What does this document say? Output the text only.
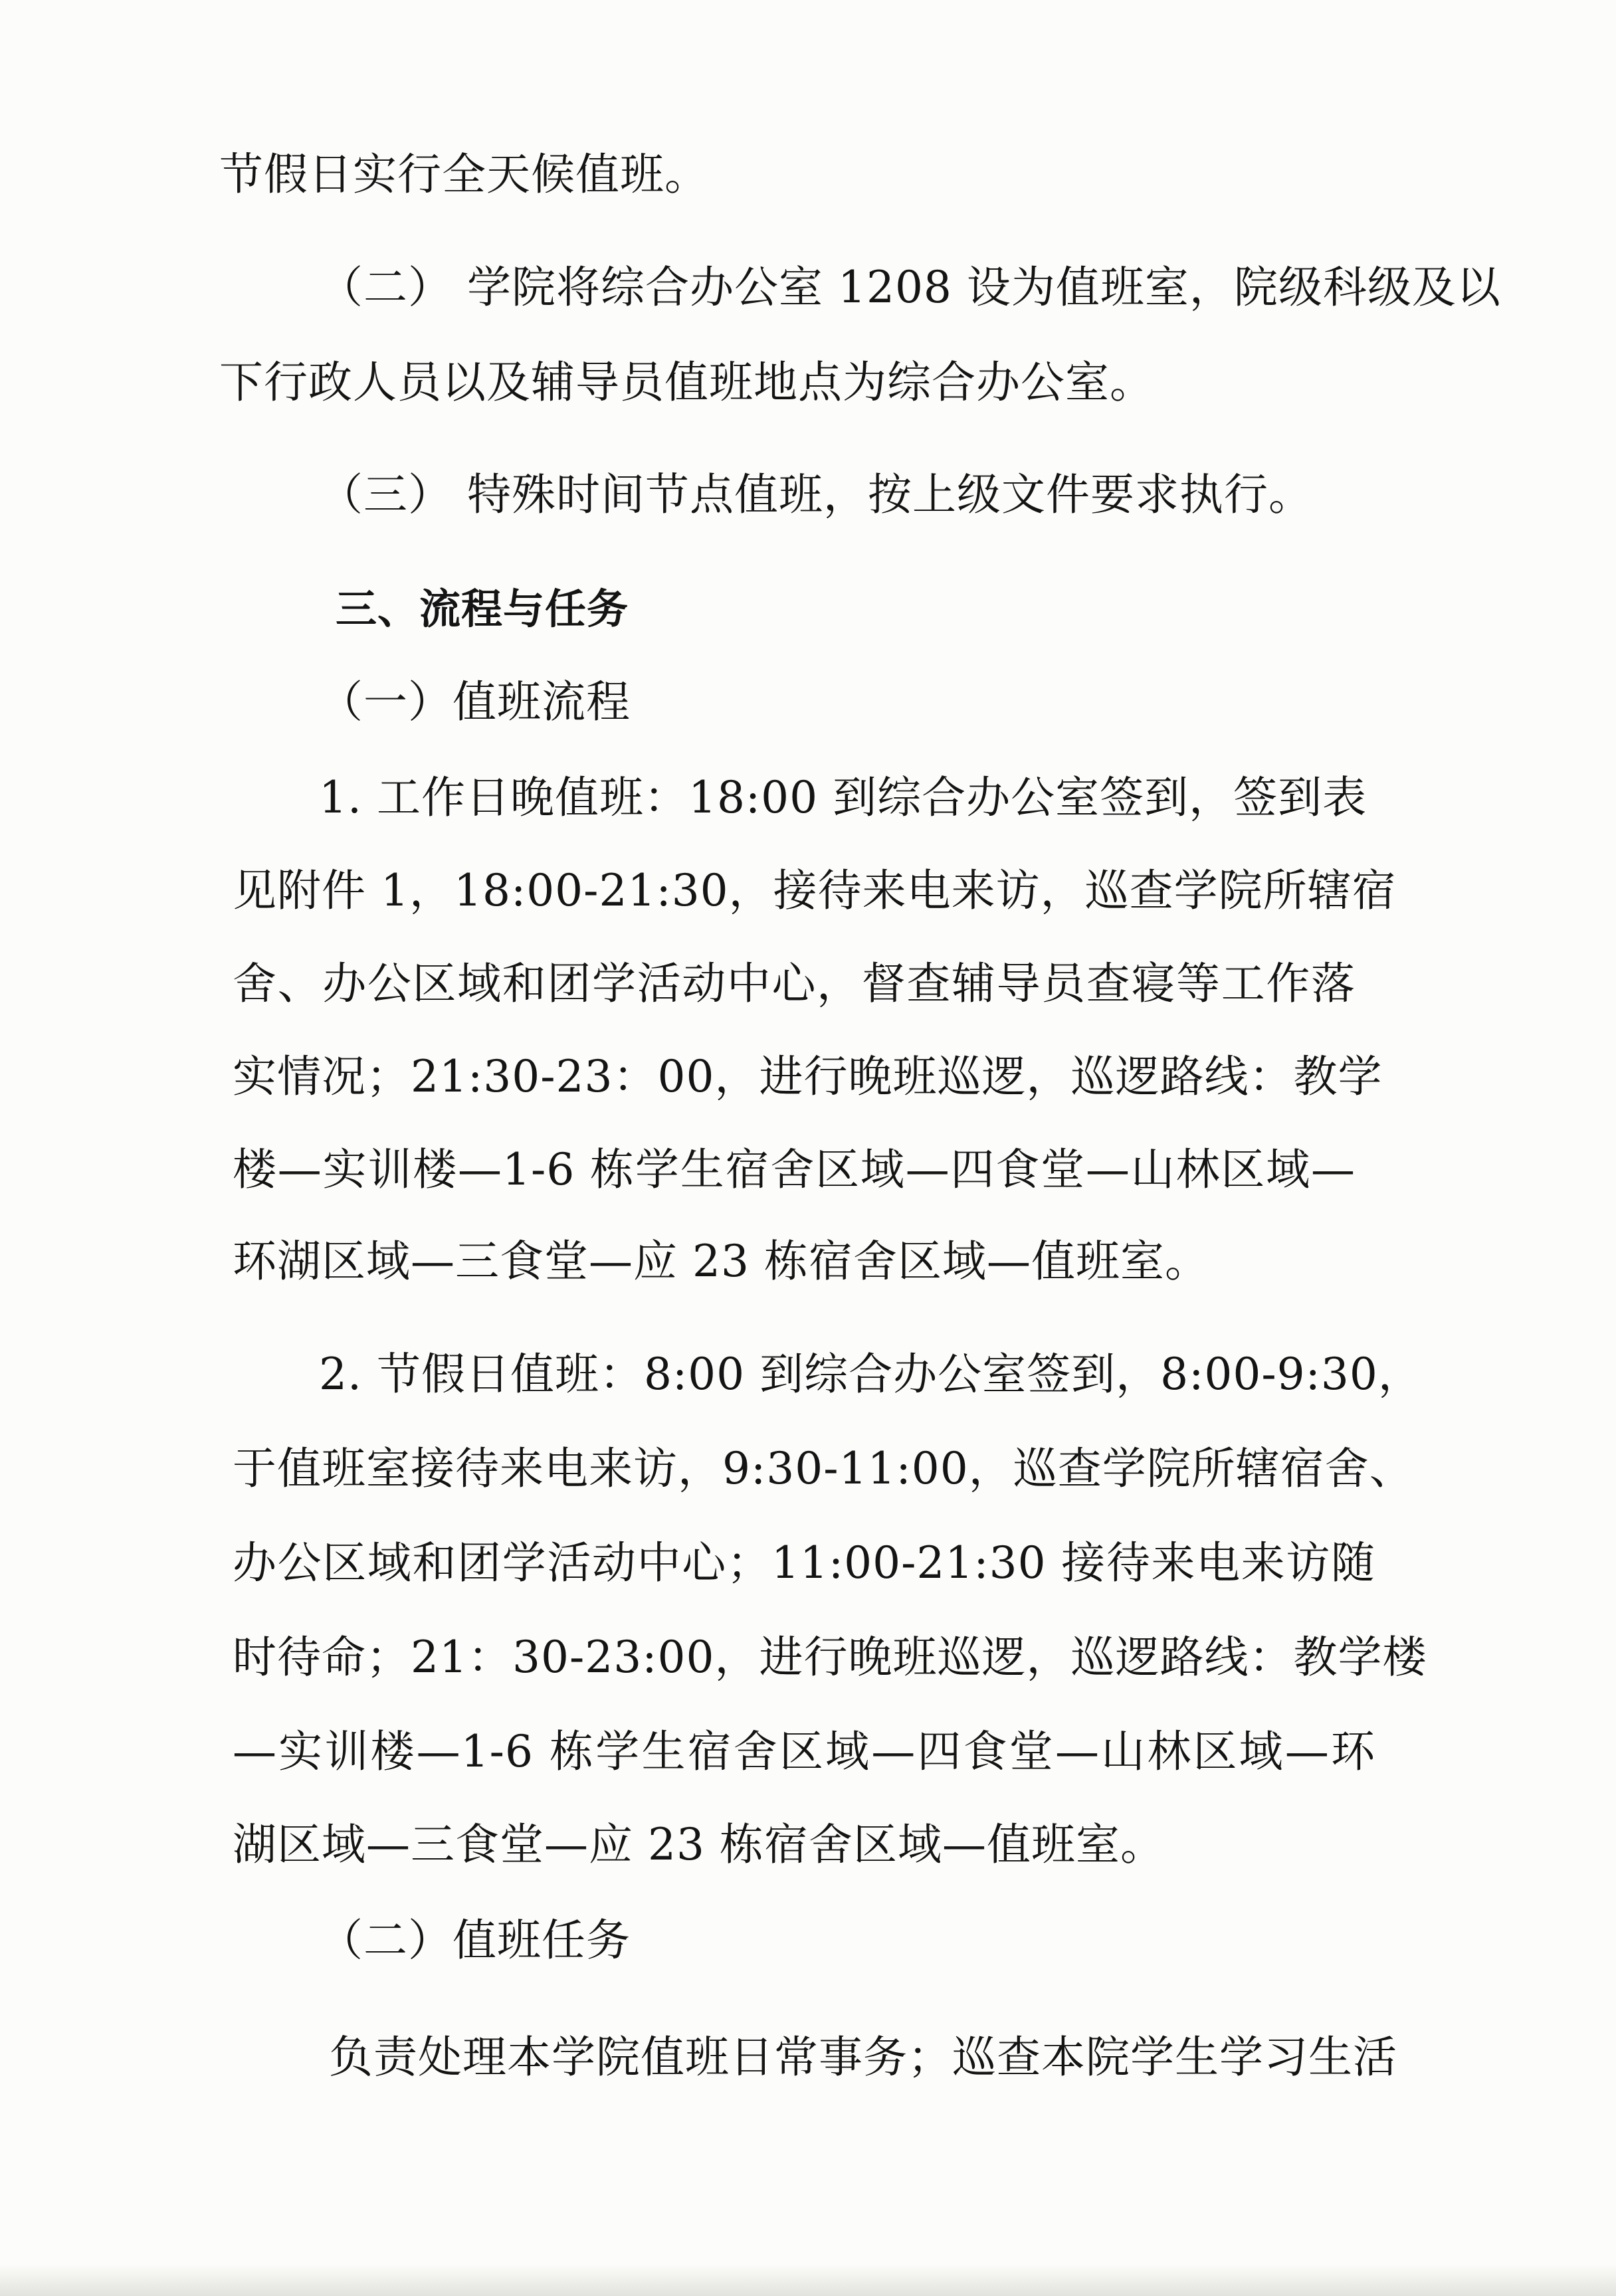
节假日实行全天候值班。
（二） 学院将综合办公室 1208 设为值班室，院级科级及以
下行政人员以及辅导员值班地点为综合办公室。
（三） 特殊时间节点值班，按上级文件要求执行。
三、流程与任务
（一）值班流程
1. 工作日晚值班：18:00 到综合办公室签到，签到表
见附件 1，18:00-21:30，接待来电来访，巡查学院所辖宿
舍、办公区域和团学活动中心，督查辅导员查寝等工作落
实情况；21:30-23：00，进行晚班巡逻，巡逻路线：教学
楼—实训楼—1-6 栋学生宿舍区域—四食堂—山林区域—
环湖区域—三食堂—应 23 栋宿舍区域—值班室。
2. 节假日值班：8:00 到综合办公室签到，8:00-9:30，
于值班室接待来电来访，9:30-11:00，巡查学院所辖宿舍、
办公区域和团学活动中心；11:00-21:30 接待来电来访随
时待命；21：30-23:00，进行晚班巡逻，巡逻路线：教学楼
—实训楼—1-6 栋学生宿舍区域—四食堂—山林区域—环
湖区域—三食堂—应 23 栋宿舍区域—值班室。
（二）值班任务
负责处理本学院值班日常事务；巡查本院学生学习生活
